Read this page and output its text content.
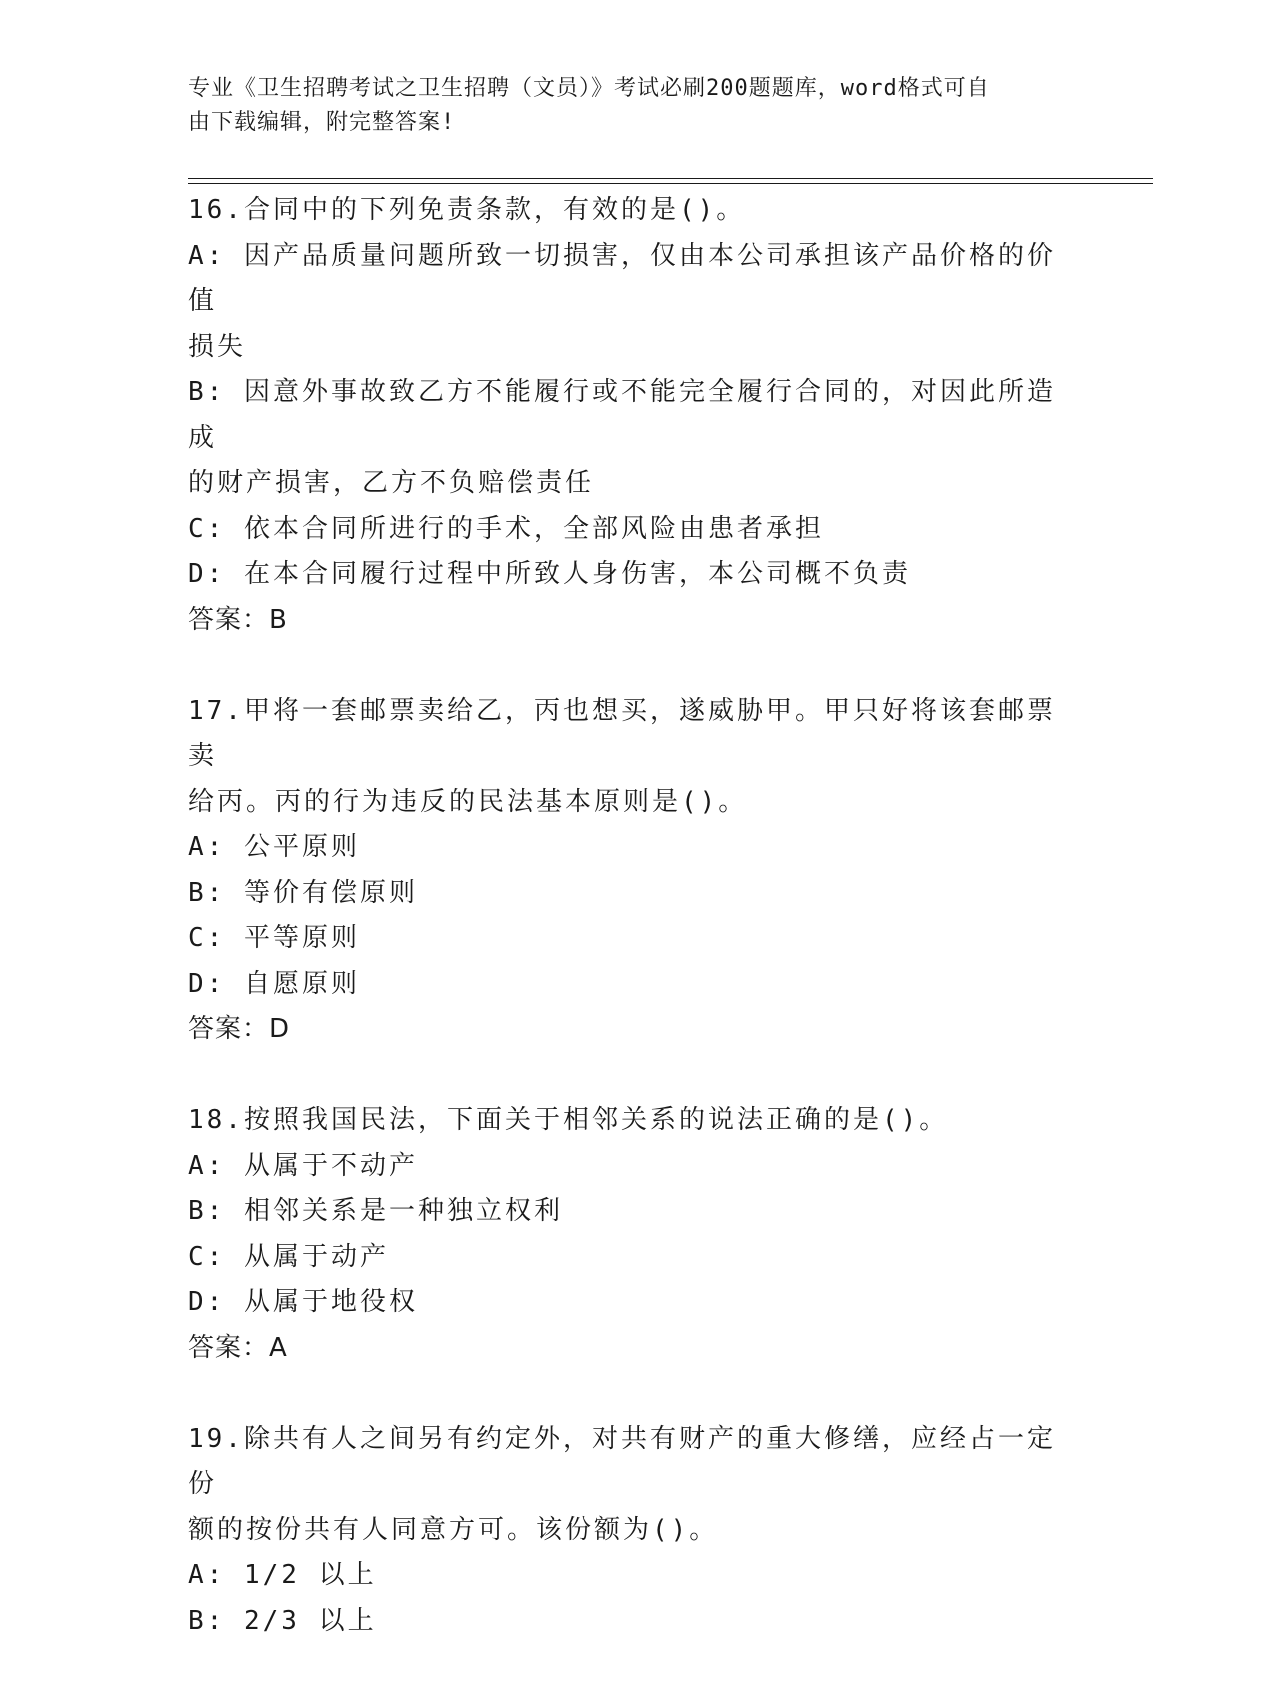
专业《卫生招聘考试之卫生招聘（文员）》考试必刷200题题库，word格式可自
由下载编辑，附完整答案!

16.合同中的下列免责条款，有效的是()。

A: 因产品质量问题所致一切损害，仅由本公司承担该产品价格的价值

损失

B: 因意外事故致乙方不能履行或不能完全履行合同的，对因此所造成

的财产损害，乙方不负赔偿责任

C: 依本合同所进行的手术，全部风险由患者承担

D: 在本合同履行过程中所致人身伤害，本公司概不负责

答案：B

17.甲将一套邮票卖给乙，丙也想买，遂威胁甲。甲只好将该套邮票卖

给丙。丙的行为违反的民法基本原则是()。

A: 公平原则

B: 等价有偿原则

C: 平等原则

D: 自愿原则

答案：D

18.按照我国民法，下面关于相邻关系的说法正确的是()。

A: 从属于不动产

B: 相邻关系是一种独立权利

C: 从属于动产

D: 从属于地役权

答案：A

19.除共有人之间另有约定外，对共有财产的重大修缮，应经占一定份

额的按份共有人同意方可。该份额为()。

A: 1/2 以上

B: 2/3 以上
